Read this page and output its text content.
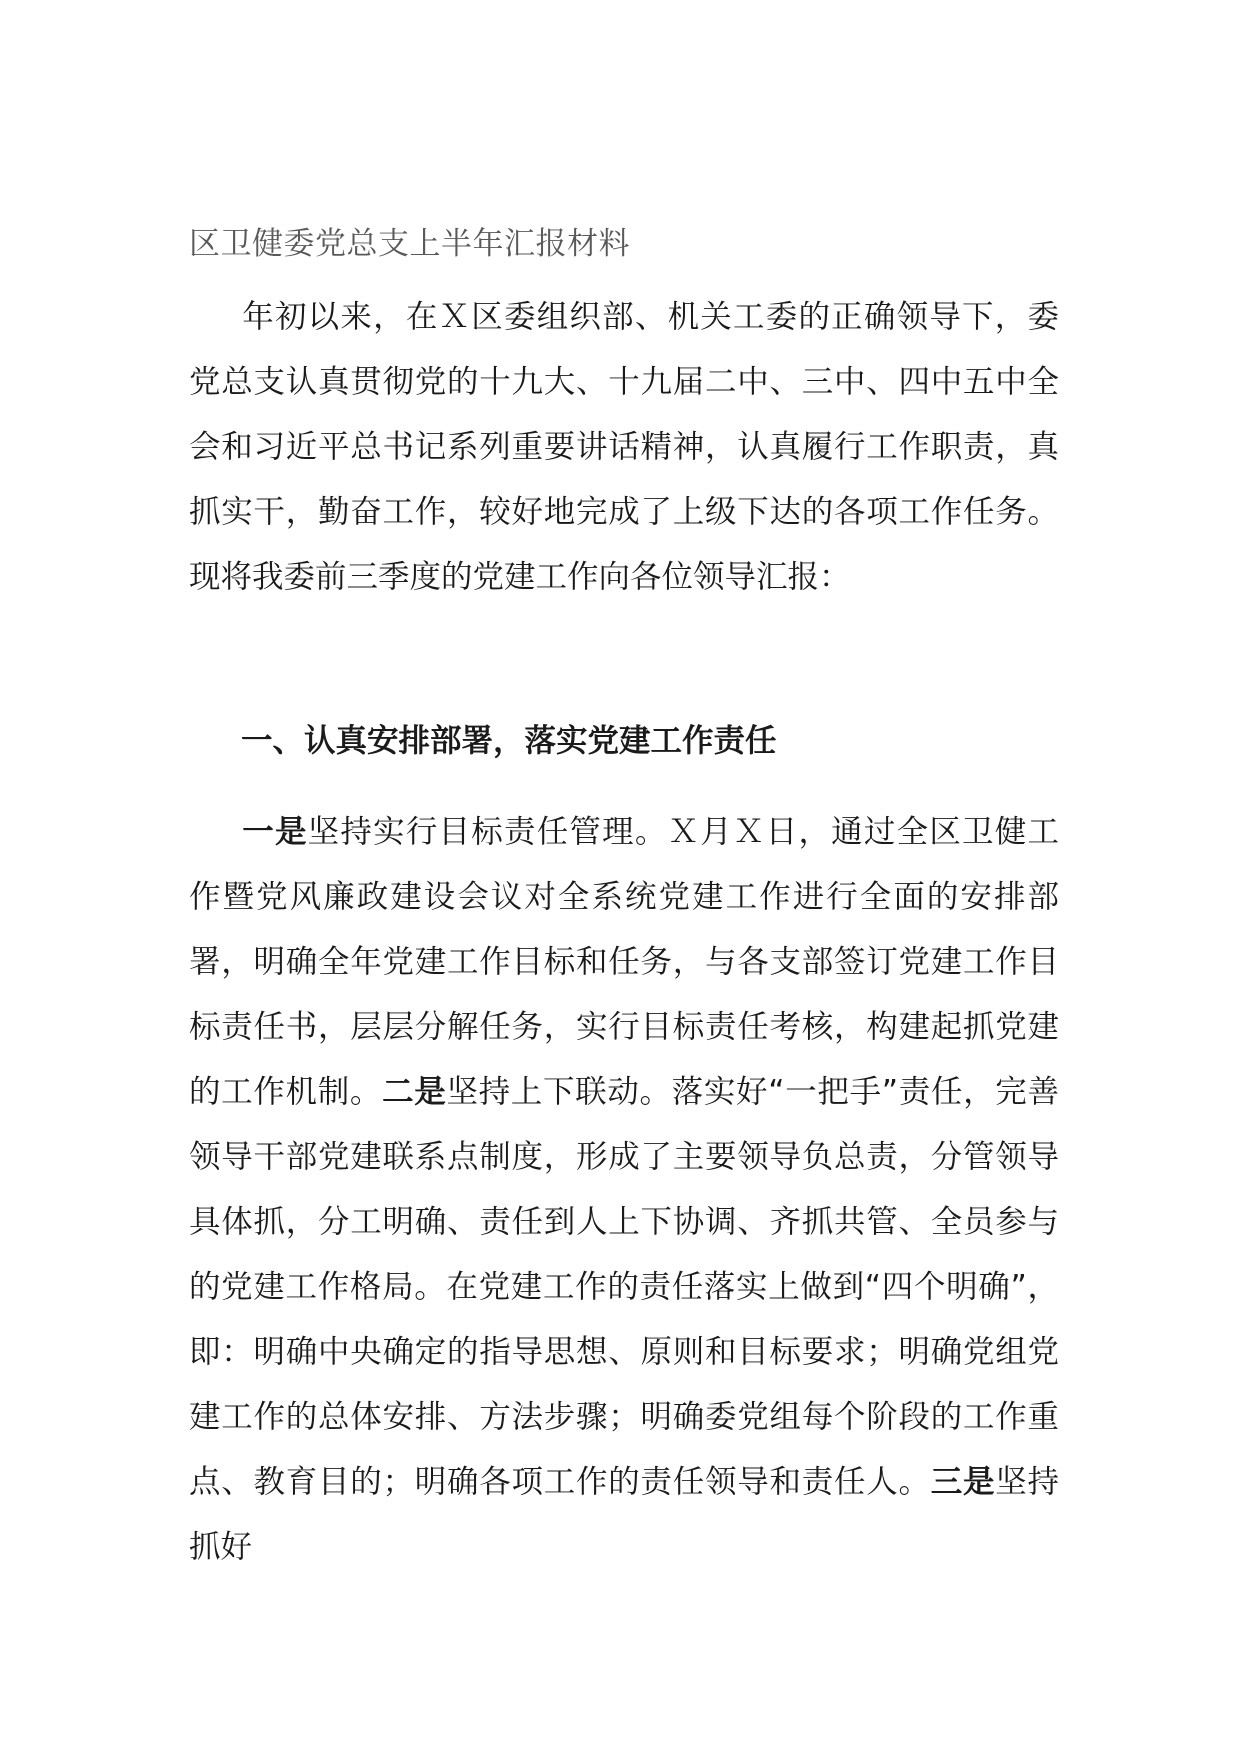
区卫健委党总支上半年汇报材料

年初以来，在Ｘ区委组织部、机关工委的正确领导下，委党总支认真贯彻党的十九大、十九届二中、三中、四中五中全会和习近平总书记系列重要讲话精神，认真履行工作职责，真抓实干，勤奋工作，较好地完成了上级下达的各项工作任务。现将我委前三季度的党建工作向各位领导汇报：

一、认真安排部署，落实党建工作责任

一是坚持实行目标责任管理。Ｘ月Ｘ日，通过全区卫健工作暨党风廉政建设会议对全系统党建工作进行全面的安排部署，明确全年党建工作目标和任务，与各支部签订党建工作目标责任书，层层分解任务，实行目标责任考核，构建起抓党建的工作机制。二是坚持上下联动。落实好“一把手”责任，完善领导干部党建联系点制度，形成了主要领导负总责，分管领导具体抓，分工明确、责任到人上下协调、齐抓共管、全员参与的党建工作格局。在党建工作的责任落实上做到“四个明确”，即：明确中央确定的指导思想、原则和目标要求；明确党组党建工作的总体安排、方法步骤；明确委党组每个阶段的工作重点、教育目的；明确各项工作的责任领导和责任人。三是坚持抓好
